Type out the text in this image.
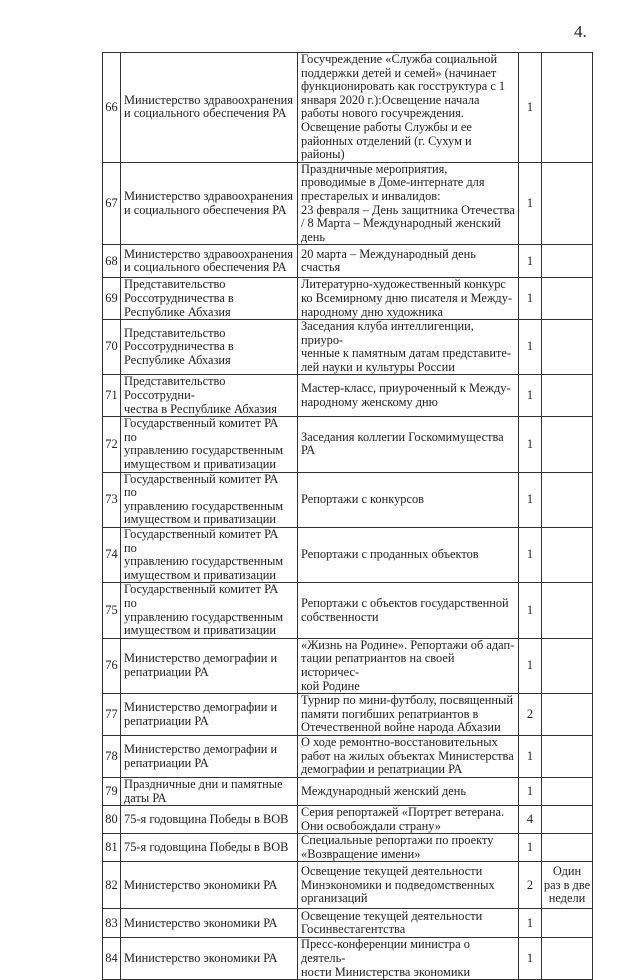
4.
66	Министерство здравоохранения
и социального обеспечения РА	Госучреждение «Служба социальной поддержки детей и семей» (начинает функционировать как госструктура с 1 января 2020 г.):Освещение начала работы нового госучреждения. Освещение работы Службы и ее районных отделений (г. Сухум и районы)	1	
67	Министерство здравоохранения
и социального обеспечения РА	Праздничные мероприятия, проводимые в Доме-интернате для престарелых и инвалидов:
23 февраля – День защитника Отечества / 8 Марта – Международный женский день	1	
68	Министерство здравоохранения
и социального обеспечения РА	20 марта – Международный день счастья	1	
69	Представительство
Россотрудничества в
Республике Абхазия	Литературно-художественный конкурс
ко Всемирному дню писателя и Между-
народному дню художника	1	
70	Представительство
Россотрудничества в
Республике Абхазия	Заседания клуба интеллигенции, приуро-
ченные к памятным датам представите-
лей науки и культуры России	1	
71	Представительство Россотрудни-
чества в Республике Абхазия	Мастер-класс, приуроченный к Между-
народному женскому дню	1	
72	Государственный комитет РА по
управлению государственным
имуществом и приватизации	Заседания коллегии Госкомимущества РА	1	
73	Государственный комитет РА по
управлению государственным
имуществом и приватизации	Репортажи с конкурсов	1	
74	Государственный комитет РА по
управлению государственным
имуществом и приватизации	Репортажи с проданных объектов	1	
75	Государственный комитет РА по
управлению государственным
имуществом и приватизации	Репортажи с объектов государственной
собственности	1	
76	Министерство демографии и
репатриации РА	«Жизнь на Родине». Репортажи об адап-
тации репатриантов на своей историчес-
кой Родине	1	
77	Министерство демографии и
репатриации РА	Турнир по мини-футболу, посвященный
памяти погибших репатриантов в
Отечественной войне народа Абхазии	2	
78	Министерство демографии и
репатриации РА	О ходе ремонтно-восстановительных
работ на жилых объектах Министерства
демографии и репатриации РА	1	
79	Праздничные дни и памятные
даты РА	Международный женский день	1	
80	75-я годовщина Победы в ВОВ	Серия репортажей «Портрет ветерана.
Они освобождали страну»	4	
81	75-я годовщина Победы в ВОВ	Специальные репортажи по проекту
«Возвращение имени»	1	
82	Министерство экономики РА	Освещение текущей деятельности
Минэкономики и подведомственных
организаций	2	Один
раз в две
недели
83	Министерство экономики РА	Освещение текущей деятельности
Госинвестагентства	1	
84	Министерство экономики РА	Пресс-конференции министра о деятель-
ности Министерства экономики	1	
